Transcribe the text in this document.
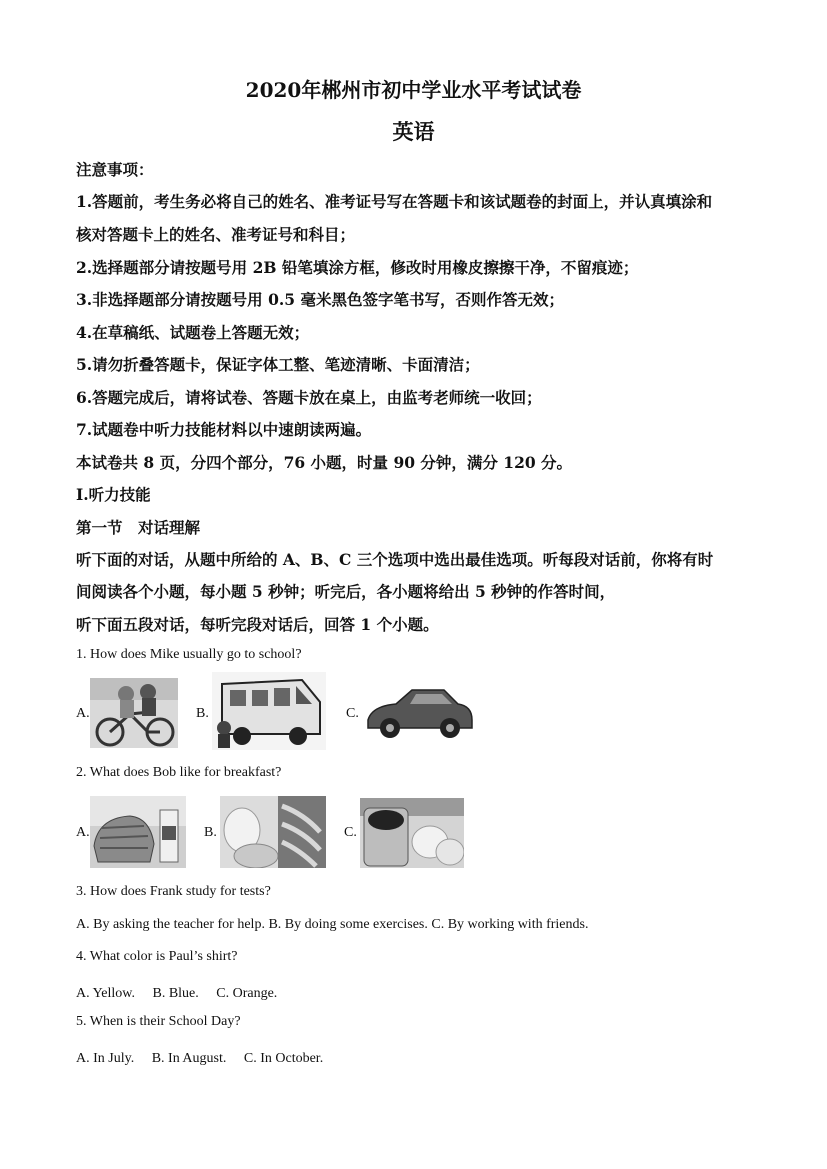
2020年郴州市初中学业水平考试试卷
英语
注意事项：
1.答题前，考生务必将自己的姓名、准考证号写在答题卡和该试题卷的封面上，并认真填涂和
核对答题卡上的姓名、准考证号和科目；
2.选择题部分请按题号用 2B 铅笔填涂方框，修改时用橡皮擦擦干净，不留痕迹；
3.非选择题部分请按题号用 0.5 毫米黑色签字笔书写，否则作答无效；
4.在草稿纸、试题卷上答题无效；
5.请勿折叠答题卡，保证字体工整、笔迹清晰、卡面清洁；
6.答题完成后，请将试卷、答题卡放在桌上，由监考老师统一收回；
7.试题卷中听力技能材料以中速朗读两遍。
本试卷共 8 页，分四个部分，76 小题，时量 90 分钟，满分 120 分。
Ⅰ.听力技能
第一节　对话理解
听下面的对话，从题中所给的 A、B、C 三个选项中选出最佳选项。听每段对话前，你将有时
间阅读各个小题，每小题 5 秒钟；听完后，各小题将给出 5 秒钟的作答时间，
听下面五段对话，每听完段对话后，回答 1 个小题。
1. How does Mike usually go to school?
A.	B.	C.
2. What does Bob like for breakfast?
A.	B.	C.
3. How does Frank study for tests?
A. By asking the teacher for help. B. By doing some exercises. C. By working with friends.
4. What color is Paul’s shirt?
A. Yellow.　 B. Blue.　 C. Orange.
5. When is their School Day?
A. In July.　 B. In August.　 C. In October.
